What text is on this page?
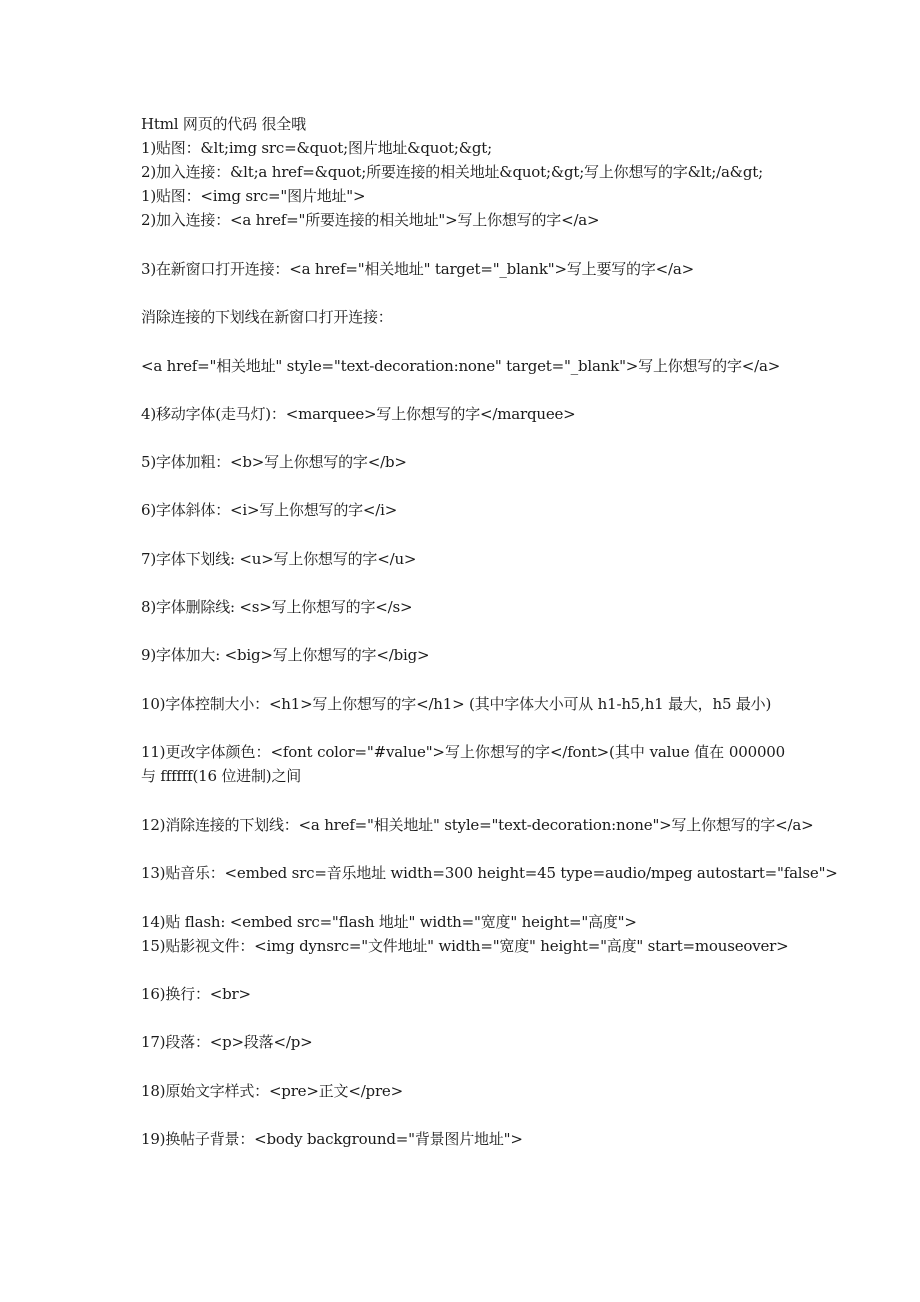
Html 网页的代码 很全哦
1)贴图：&lt;img src=&quot;图片地址&quot;&gt;
2)加入连接：&lt;a href=&quot;所要连接的相关地址&quot;&gt;写上你想写的字&lt;/a&gt;
1)贴图：<img src="图片地址">
2)加入连接：<a href="所要连接的相关地址">写上你想写的字</a>
3)在新窗口打开连接：<a href="相关地址" target="_blank">写上要写的字</a>
消除连接的下划线在新窗口打开连接：
<a href="相关地址" style="text-decoration:none" target="_blank">写上你想写的字</a>
4)移动字体(走马灯)：<marquee>写上你想写的字</marquee>
5)字体加粗：<b>写上你想写的字</b>
6)字体斜体：<i>写上你想写的字</i>
7)字体下划线: <u>写上你想写的字</u>
8)字体删除线: <s>写上你想写的字</s>
9)字体加大: <big>写上你想写的字</big>
10)字体控制大小：<h1>写上你想写的字</h1> (其中字体大小可从 h1-h5,h1 最大，h5 最小)
11)更改字体颜色：<font color="#value">写上你想写的字</font>(其中 value 值在 000000 与 ffffff(16 位进制)之间
12)消除连接的下划线：<a href="相关地址" style="text-decoration:none">写上你想写的字</a>
13)贴音乐：<embed src=音乐地址 width=300 height=45 type=audio/mpeg autostart="false">
14)贴 flash: <embed src="flash 地址" width="宽度" height="高度">
15)贴影视文件：<img dynsrc="文件地址" width="宽度" height="高度" start=mouseover>
16)换行：<br>
17)段落：<p>段落</p>
18)原始文字样式：<pre>正文</pre>
19)换帖子背景：<body background="背景图片地址">
